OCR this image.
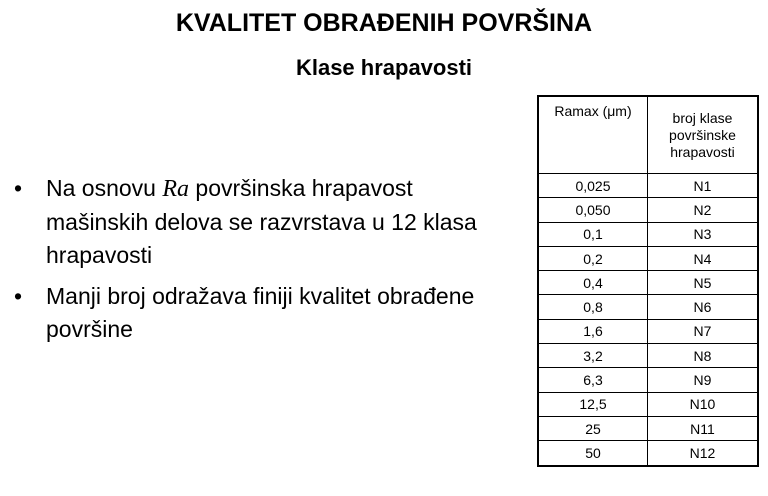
KVALITET OBRAĐENIH POVRŠINA
Klase hrapavosti
• Na osnovu Ra površinska hrapavost mašinskih delova se razvrstava u 12 klasa hrapavosti
• Manji broj odražava finiji kvalitet obrađene površine
Ramax (μm)	broj klase površinske hrapavosti
0,025	N1
0,050	N2
0,1	N3
0,2	N4
0,4	N5
0,8	N6
1,6	N7
3,2	N8
6,3	N9
12,5	N10
25	N11
50	N12
